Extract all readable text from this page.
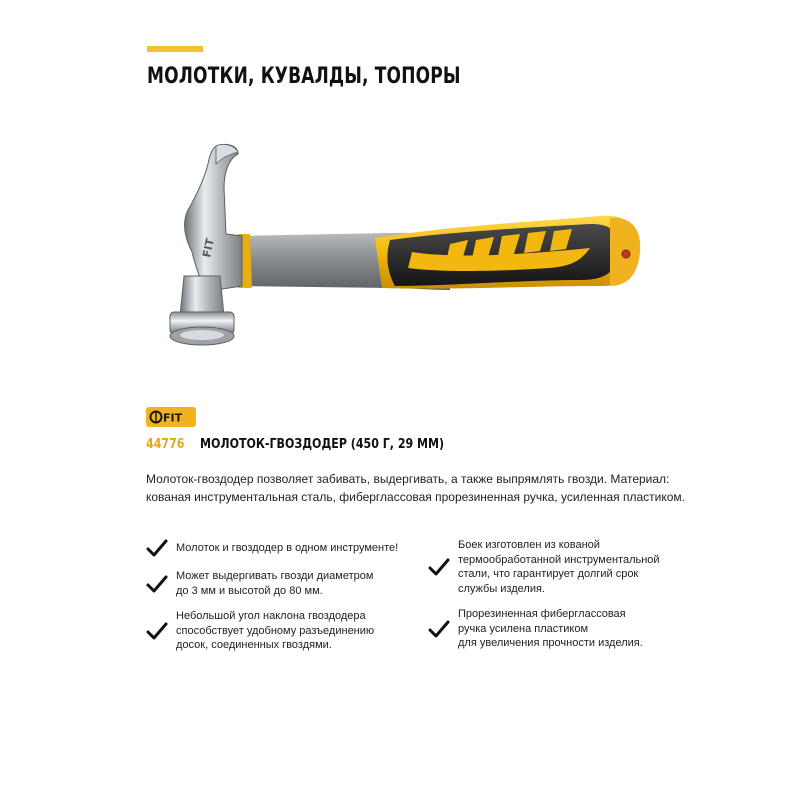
МОЛОТКИ, КУВАЛДЫ, ТОПОРЫ
FIT
FIT
44776 МОЛОТОК-ГВОЗДОДЕР (450 Г, 29 ММ)

Молоток-гвоздодер позволяет забивать, выдергивать, а также выпрямлять гвозди. Материал:

кованая инструментальная сталь, фибергласcовая прорезиненная ручка, усиленная пластиком.

Молоток и гвоздодер в одном инструменте!
Может выдергивать гвозди диаметром
до 3 мм и высотой до 80 мм.
Небольшой угол наклона гвоздодера
способствует удобному разъединению
досок, соединенных гвоздями.
Боек изготовлен из кованой
термообработанной инструментальной
стали, что гарантирует долгий срок
службы изделия.
Прорезиненная фибергласcовая
ручка усилена пластиком
для увеличения прочности изделия.
